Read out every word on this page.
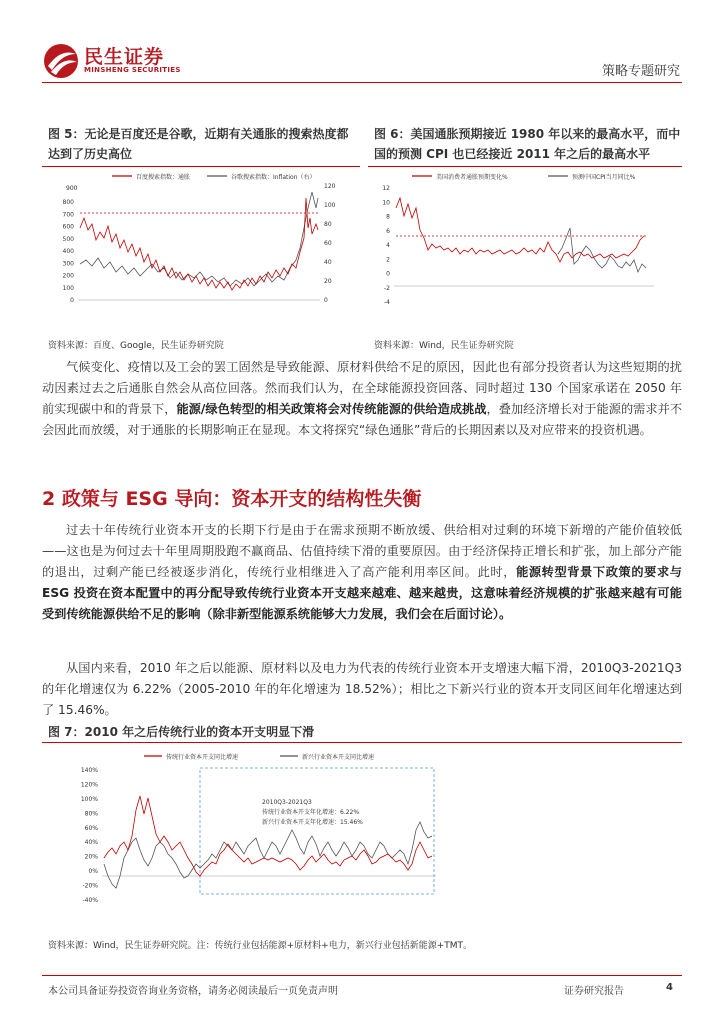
民生证券
MINSHENG SECURITIES	策略专题研究
图 5：无论是百度还是谷歌，近期有关通胀的搜索热度都达到了历史高位
百度搜索指数：通胀	谷歌搜索指数：Inflation（右）
900
0
100
200
300
400
500
600
700
800
0
20
40
60
80
100
120
资料来源：百度、Google，民生证券研究院
图 6：美国通胀预期接近 1980 年以来的最高水平，而中国的预测 CPI 也已经接近 2011 年之后的最高水平
美国消费者通胀预期变化%	预测中国CPI当月同比%
-4
-2
0
2
4
6
8
10
12
资料来源：Wind，民生证券研究院
气候变化、疫情以及工会的罢工固然是导致能源、原材料供给不足的原因，因此也有部分投资者认为这些短期的扰动因素过去之后通胀自然会从高位回落。然而我们认为，在全球能源投资回落、同时超过 130 个国家承诺在 2050 年前实现碳中和的背景下，能源/绿色转型的相关政策将会对传统能源的供给造成挑战，叠加经济增长对于能源的需求并不会因此而放缓，对于通胀的长期影响正在显现。本文将探究“绿色通胀”背后的长期因素以及对应带来的投资机遇。
2 政策与 ESG 导向：资本开支的结构性失衡
过去十年传统行业资本开支的长期下行是由于在需求预期不断放缓、供给相对过剩的环境下新增的产能价值较低——这也是为何过去十年里周期股跑不赢商品、估值持续下滑的重要原因。由于经济保持正增长和扩张，加上部分产能的退出，过剩产能已经被逐步消化，传统行业相继进入了高产能利用率区间。此时，能源转型背景下政策的要求与 ESG 投资在资本配置中的再分配导致传统行业资本开支越来越难、越来越贵，这意味着经济规模的扩张越来越有可能受到传统能源供给不足的影响（除非新型能源系统能够大力发展，我们会在后面讨论）。
从国内来看，2010 年之后以能源、原材料以及电力为代表的传统行业资本开支增速大幅下滑，2010Q3-2021Q3 的年化增速仅为 6.22%（2005-2010 年的年化增速为 18.52%）；相比之下新兴行业的资本开支同区间年化增速达到了 15.46%。
图 7：2010 年之后传统行业的资本开支明显下滑
传统行业资本开支同比增速	新兴行业资本开支同比增速
-40%
-20%
0%
20%
40%
60%
80%
100%
120%
140%
2010Q3-2021Q3
传统行业资本开支年化增速：6.22%
新兴行业资本开支年化增速：15.46%
资料来源：Wind，民生证券研究院。注：传统行业包括能源+原材料+电力，新兴行业包括新能源+TMT。
本公司具备证券投资咨询业务资格，请务必阅读最后一页免责声明	证券研究报告	4
